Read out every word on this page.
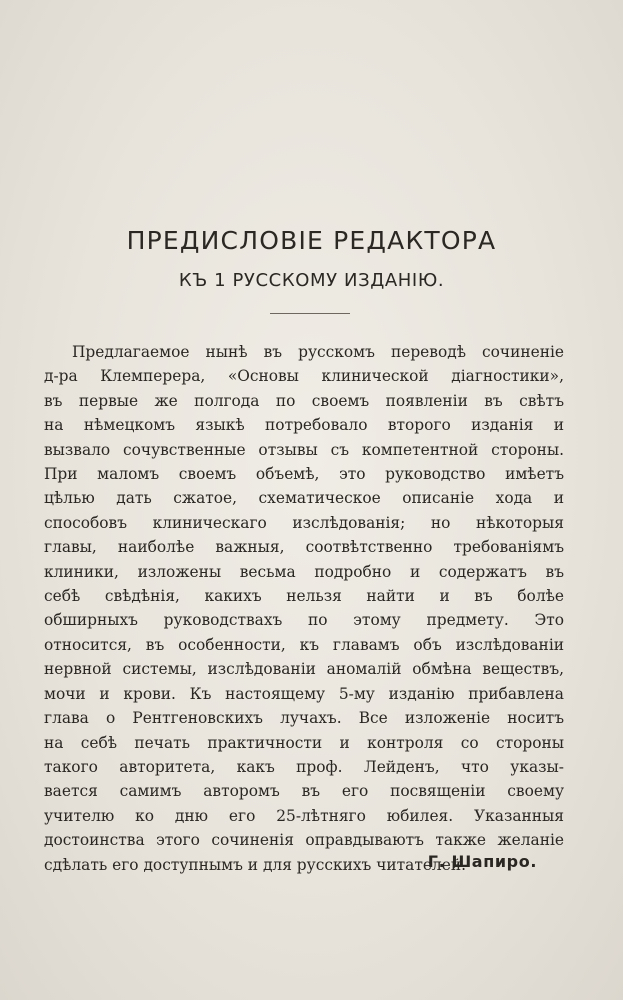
ПРЕДИСЛОВІЕ РЕДАКТОРА
КЪ 1 РУССКОМУ ИЗДАНІЮ.
Предлагаемое нынѣ въ русскомъ переводѣ сочиненіе
д-ра Клемперера, «Основы клинической діагностики»,
въ первые же полгода по своемъ появленіи въ свѣтъ
на нѣмецкомъ языкѣ потребовало второго изданія и
вызвало сочувственные отзывы съ компетентной стороны.
При маломъ своемъ объемѣ, это руководство имѣетъ
цѣлью дать сжатое, схематическое описаніе хода и
способовъ клиническаго изслѣдованія; но нѣкоторыя
главы, наиболѣе важныя, соотвѣтственно требованіямъ
клиники, изложены весьма подробно и содержатъ въ
себѣ свѣдѣнія, какихъ нельзя найти и въ болѣе
обширныхъ руководствахъ по этому предмету. Это
относится, въ особенности, къ главамъ объ изслѣдованіи
нервной системы, изслѣдованіи аномалій обмѣна веществъ,
мочи и крови. Къ настоящему 5-му изданію прибавлена
глава о Рентгеновскихъ лучахъ. Все изложеніе носитъ
на себѣ печать практичности и контроля со стороны
такого авторитета, какъ проф. Лейденъ, что указы-
вается самимъ авторомъ въ его посвященіи своему
учителю ко дню его 25-лѣтняго юбилея. Указанныя
достоинства этого сочиненія оправдываютъ также желаніе
сдѣлать его доступнымъ и для русскихъ читателей.
Г. Шапиро.
